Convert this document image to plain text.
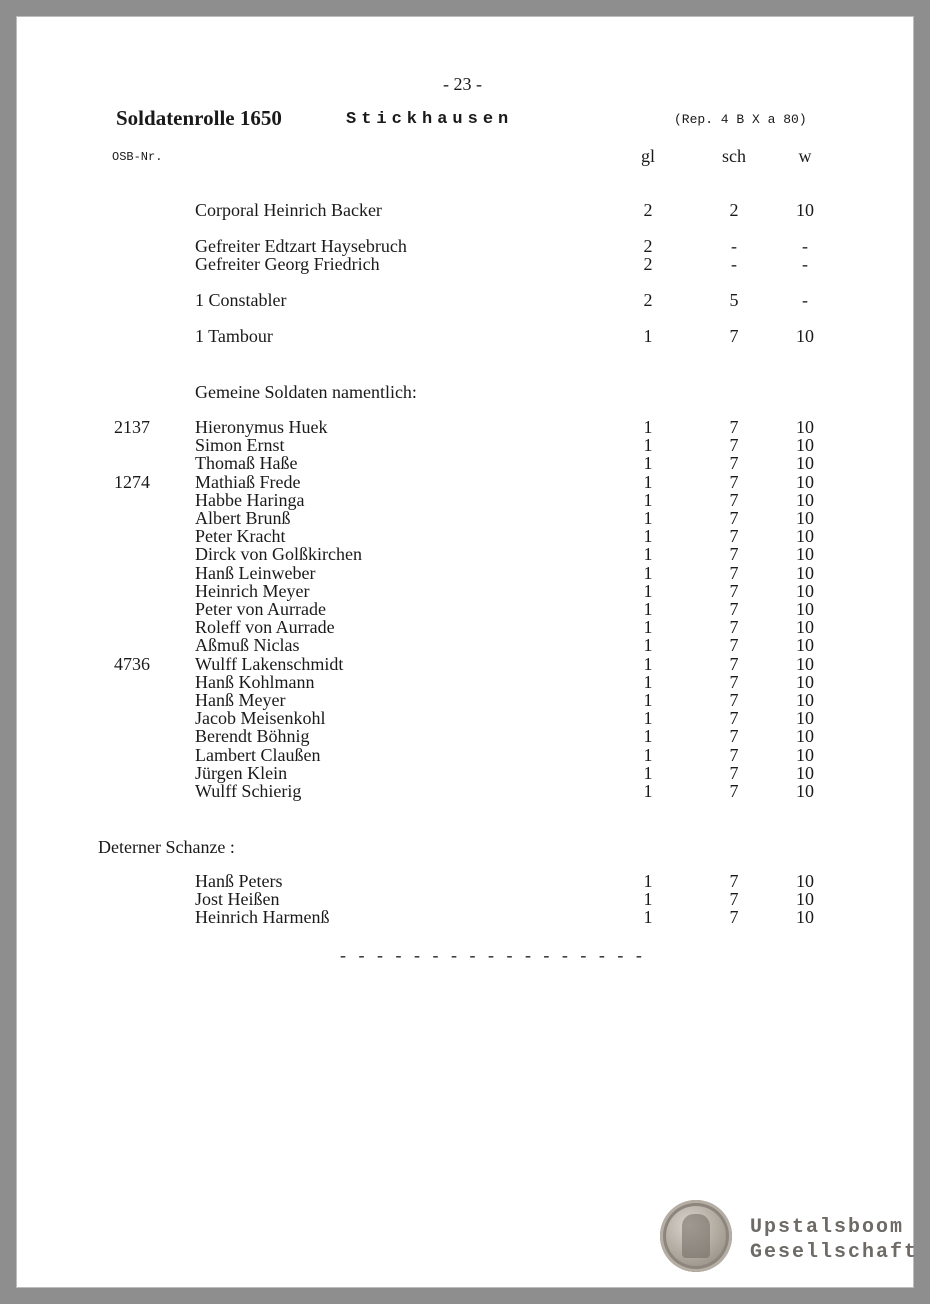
- 23 -
Soldatenrolle 1650	Stickhausen	(Rep. 4 B X a 80)
OSB-Nr.	gl	sch	w
Corporal Heinrich Backer	2	2	10
Gefreiter Edtzart Haysebruch	2	-	-
Gefreiter Georg Friedrich	2	-	-
1 Constabler	2	5	-
1 Tambour	1	7	10
Gemeine Soldaten namentlich:
2137	Hieronymus Huek	1	7	10
Simon Ernst	1	7	10
Thomaß Haße	1	7	10
1274	Mathiaß Frede	1	7	10
Habbe Haringa	1	7	10
Albert Brunß	1	7	10
Peter Kracht	1	7	10
Dirck von Golßkirchen	1	7	10
Hanß Leinweber	1	7	10
Heinrich Meyer	1	7	10
Peter von Aurrade	1	7	10
Roleff von Aurrade	1	7	10
Aßmuß Niclas	1	7	10
4736	Wulff Lakenschmidt	1	7	10
Hanß Kohlmann	1	7	10
Hanß Meyer	1	7	10
Jacob Meisenkohl	1	7	10
Berendt Böhnig	1	7	10
Lambert Claußen	1	7	10
Jürgen Klein	1	7	10
Wulff Schierig	1	7	10
Deterner Schanze :
Hanß Peters	1	7	10
Jost Heißen	1	7	10
Heinrich Harmenß	1	7	10
- - - - - - - - - - - - - - - - -
Upstalsboom
Gesellschaft
